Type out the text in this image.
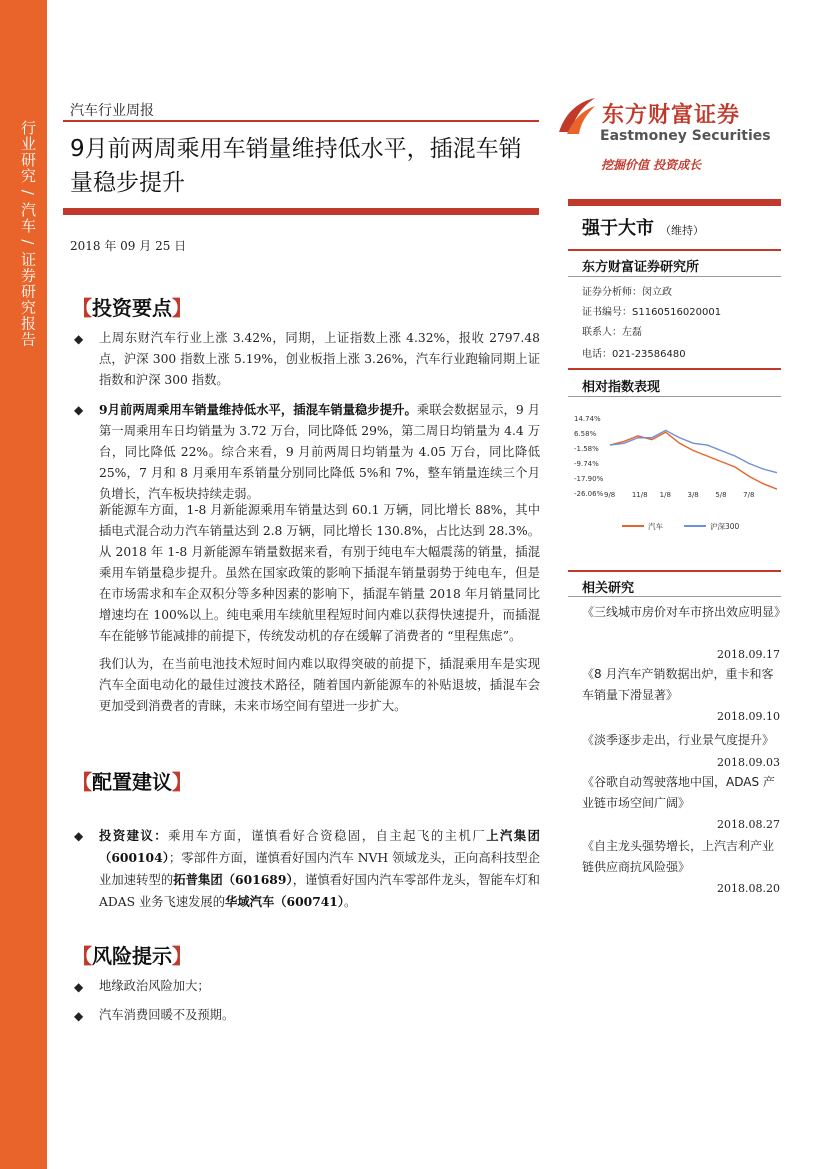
行业研究 / 汽车 / 证券研究报告
汽车行业周报
9月前两周乘用车销量维持低水平，插混车销量稳步提升
2018 年 09 月 25 日
【投资要点】
◆ 上周东财汽车行业上涨 3.42%，同期，上证指数上涨 4.32%，报收 2797.48 点，沪深 300 指数上涨 5.19%，创业板指上涨 3.26%，汽车行业跑输同期上证指数和沪深 300 指数。
◆ 9月前两周乘用车销量维持低水平，插混车销量稳步提升。乘联会数据显示，9 月第一周乘用车日均销量为 3.72 万台，同比降低 29%，第二周日均销量为 4.4 万台，同比降低 22%。综合来看，9 月前两周日均销量为 4.05 万台，同比降低 25%，7 月和 8 月乘用车系销量分别同比降低 5%和 7%，整车销量连续三个月负增长，汽车板块持续走弱。
新能源车方面，1-8 月新能源乘用车销量达到 60.1 万辆，同比增长 88%，其中插电式混合动力汽车销量达到 2.8 万辆，同比增长 130.8%，占比达到 28.3%。从 2018 年 1-8 月新能源车销量数据来看，有别于纯电车大幅震荡的销量，插混乘用车销量稳步提升。虽然在国家政策的影响下插混车销量弱势于纯电车，但是在市场需求和车企双积分等多种因素的影响下，插混车销量 2018 年月销量同比增速均在 100%以上。纯电乘用车续航里程短时间内难以获得快速提升，而插混车在能够节能减排的前提下，传统发动机的存在缓解了消费者的 “里程焦虑”。
我们认为，在当前电池技术短时间内难以取得突破的前提下，插混乘用车是实现汽车全面电动化的最佳过渡技术路径，随着国内新能源车的补贴退坡，插混车会更加受到消费者的青睐，未来市场空间有望进一步扩大。
【配置建议】
◆ 投资建议：乘用车方面，谨慎看好合资稳固，自主起飞的主机厂上汽集团（600104）；零部件方面，谨慎看好国内汽车 NVH 领域龙头，正向高科技型企业加速转型的拓普集团（601689），谨慎看好国内汽车零部件龙头，智能车灯和 ADAS 业务飞速发展的华域汽车（600741）。
【风险提示】
◆ 地缘政治风险加大；
◆ 汽车消费回暖不及预期。
东方财富证券
Eastmoney Securities
挖掘价值 投资成长
强于大市 （维持）
东方财富证券研究所
证券分析师：闵立政
证书编号：S1160516020001
联系人：左磊
电话：021-23586480
相对指数表现
14.74%
6.58%
-1.58%
-9.74%
-17.90%
-26.06% 9/8 11/8 1/8 3/8 5/8 7/8
汽车	沪深300
相关研究
《三线城市房价对车市挤出效应明显》
2018.09.17
《8 月汽车产销数据出炉，重卡和客车销量下滑显著》
2018.09.10
《淡季逐步走出，行业景气度提升》
2018.09.03
《谷歌自动驾驶落地中国，ADAS 产业链市场空间广阔》
2018.08.27
《自主龙头强势增长，上汽吉利产业链供应商抗风险强》
2018.08.20
